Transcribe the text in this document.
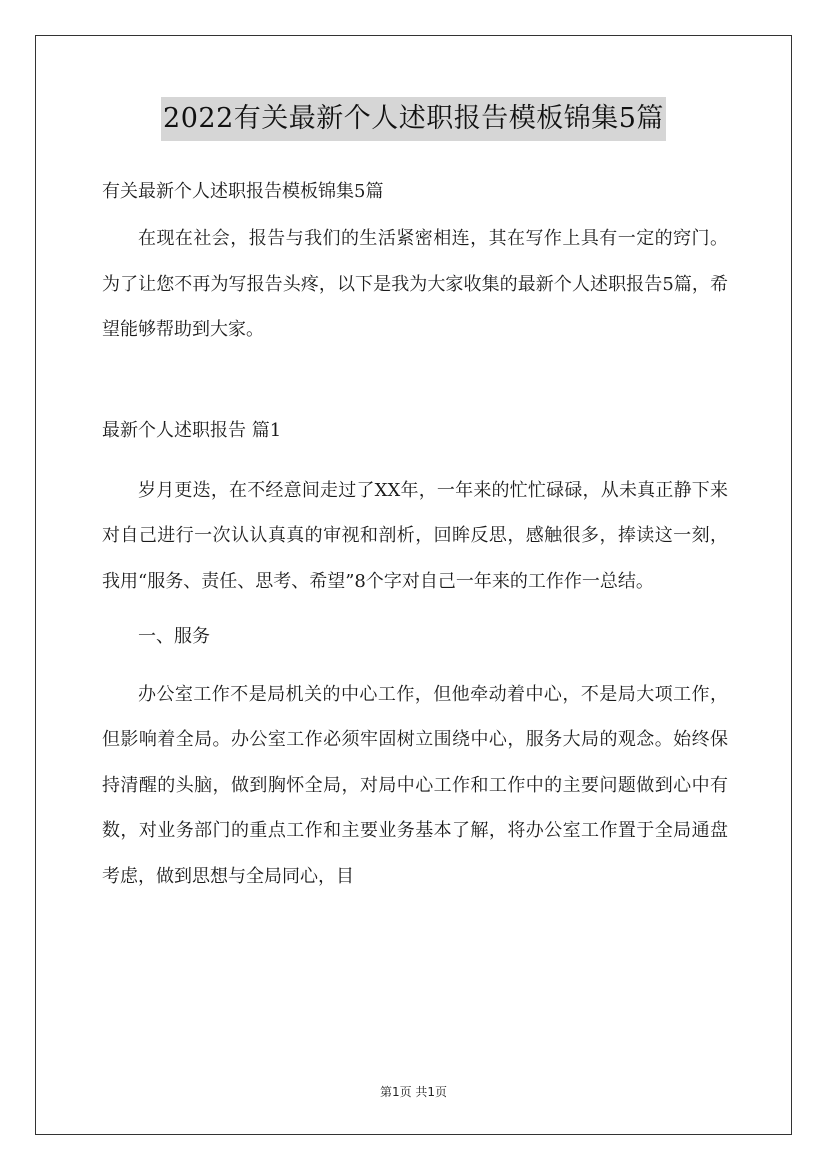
2022有关最新个人述职报告模板锦集5篇
有关最新个人述职报告模板锦集5篇

在现在社会，报告与我们的生活紧密相连，其在写作上具有一定的窍门。为了让您不再为写报告头疼，以下是我为大家收集的最新个人述职报告5篇，希望能够帮助到大家。

最新个人述职报告 篇1

岁月更迭，在不经意间走过了XX年，一年来的忙忙碌碌，从未真正静下来对自己进行一次认认真真的审视和剖析，回眸反思，感触很多，捧读这一刻，我用“服务、责任、思考、希望”8个字对自己一年来的工作作一总结。

一、服务

办公室工作不是局机关的中心工作，但他牵动着中心，不是局大项工作，但影响着全局。办公室工作必须牢固树立围绕中心，服务大局的观念。始终保持清醒的头脑，做到胸怀全局，对局中心工作和工作中的主要问题做到心中有数，对业务部门的重点工作和主要业务基本了解，将办公室工作置于全局通盘考虑，做到思想与全局同心，目

第1页 共1页
